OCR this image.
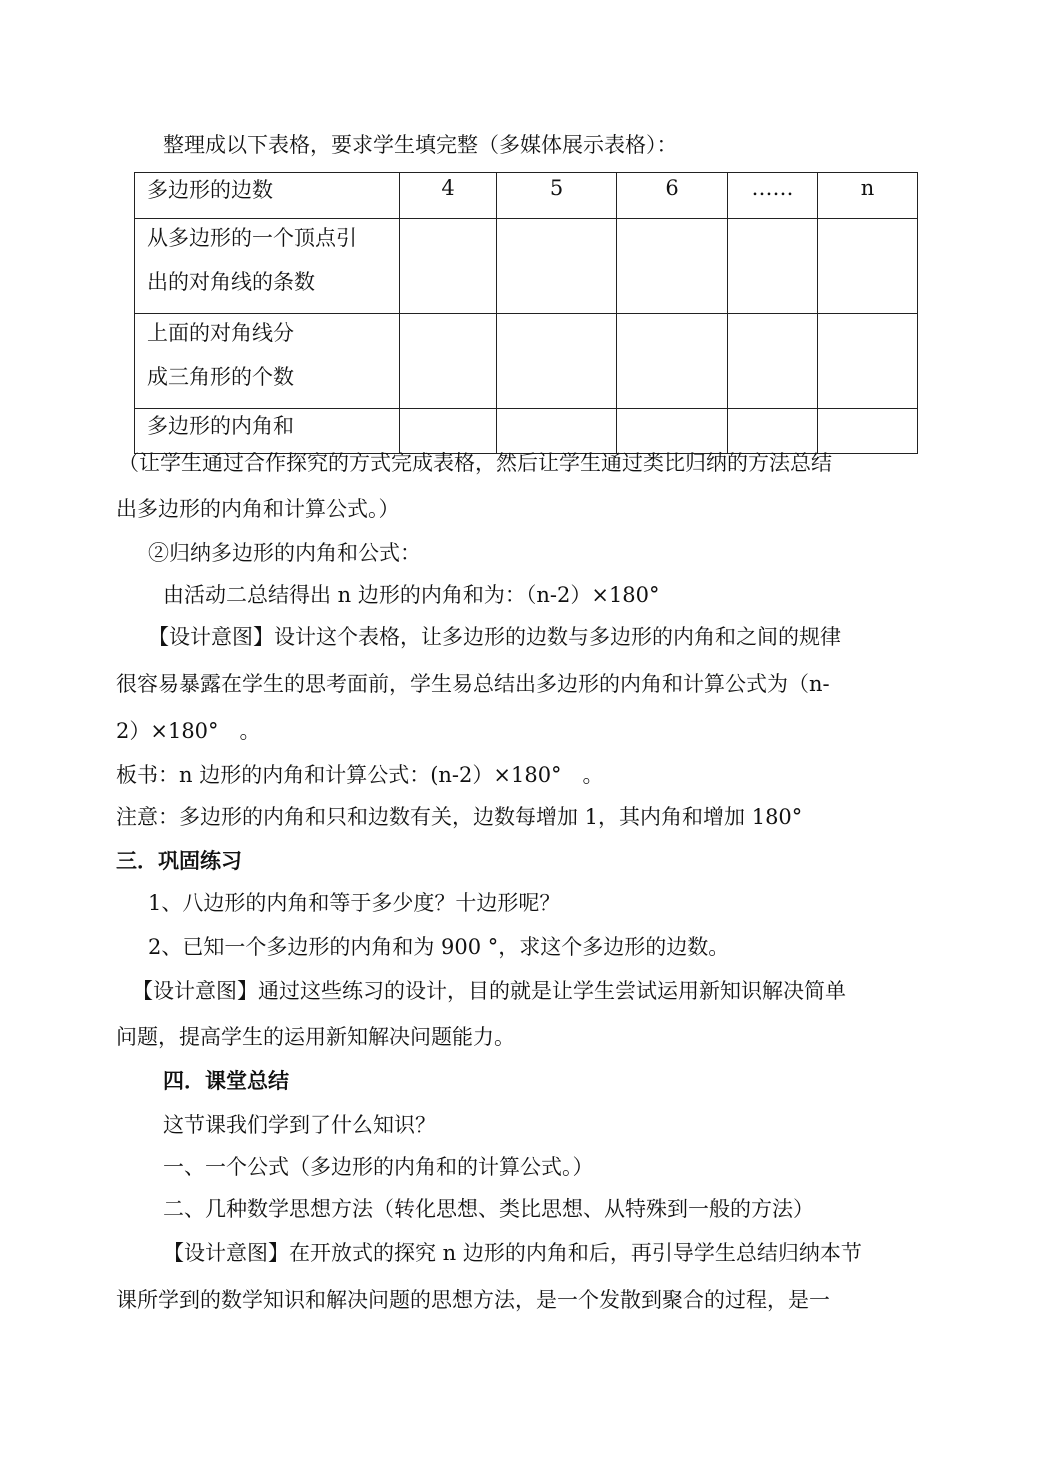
整理成以下表格，要求学生填完整（多媒体展示表格）：
多边形的边数	4	5	6	……	n

从多边形的一个顶点引
出的对角线的条数					

上面的对角线分
成三角形的个数					

多边形的内角和					

（让学生通过合作探究的方式完成表格，然后让学生通过类比归纳的方法总结
出多边形的内角和计算公式。）
②归纳多边形的内角和公式：
由活动二总结得出 n 边形的内角和为：（n-2）×180°
【设计意图】设计这个表格，让多边形的边数与多边形的内角和之间的规律
很容易暴露在学生的思考面前，学生易总结出多边形的内角和计算公式为（n-
2）×180°　。
板书：n 边形的内角和计算公式：(n-2）×180°　。
注意：多边形的内角和只和边数有关，边数每增加 1，其内角和增加 180°
三．巩固练习
1、八边形的内角和等于多少度？十边形呢？
2、已知一个多边形的内角和为 900 °，求这个多边形的边数。
【设计意图】通过这些练习的设计，目的就是让学生尝试运用新知识解决简单
问题，提高学生的运用新知解决问题能力。
四．课堂总结
这节课我们学到了什么知识？
一、一个公式（多边形的内角和的计算公式。）
二、几种数学思想方法（转化思想、类比思想、从特殊到一般的方法）
【设计意图】在开放式的探究 n 边形的内角和后，再引导学生总结归纳本节
课所学到的数学知识和解决问题的思想方法，是一个发散到聚合的过程，是一
